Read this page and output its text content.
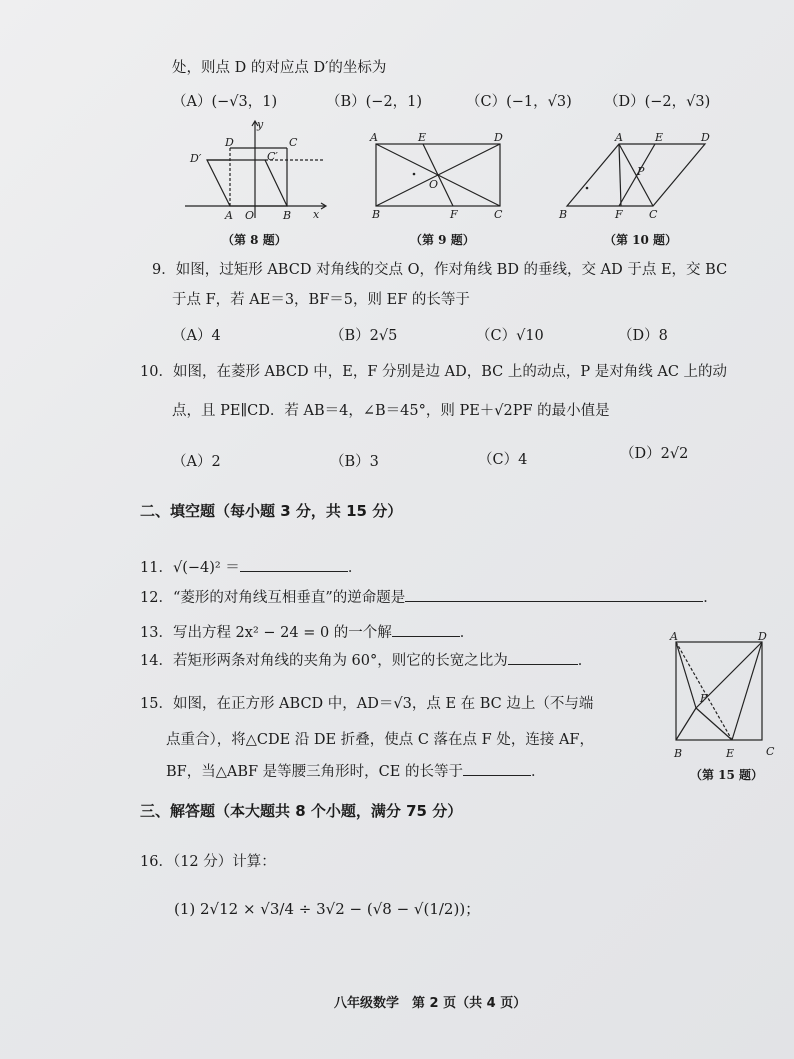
处，则点 D 的对应点 D′的坐标为
（A）(−√3，1)	（B）(−2，1)	（C）(−1，√3) （D）(−2，√3)
y
D	C
D′	C′
A O	B x
（第 8 题）
A	E	D
O
B	F	C
（第 9 题）
A	E	D
P
B	F C
（第 10 题）
9．如图，过矩形 ABCD 对角线的交点 O，作对角线 BD 的垂线，交 AD 于点 E，交 BC
于点 F，若 AE＝3，BF＝5，则 EF 的长等于
（A）4	（B）2√5	（C）√10	（D）8
10．如图，在菱形 ABCD 中，E，F 分别是边 AD，BC 上的动点，P 是对角线 AC 上的动
点，且 PE∥CD．若 AB＝4，∠B＝45°，则 PE＋√2PF 的最小值是
（A）2	（B）3	（C）4	（D）2√2
二、填空题（每小题 3 分，共 15 分）
11．√(−4)² ＝	．
12．“菱形的对角线互相垂直”的逆命题是	．
13．写出方程 2x² − 24 = 0 的一个解	．
14．若矩形两条对角线的夹角为 60°，则它的长宽之比为	．
15．如图，在正方形 ABCD 中，AD＝√3，点 E 在 BC 边上（不与端
点重合），将△CDE 沿 DE 折叠，使点 C 落在点 F 处，连接 AF，
BF，当△ABF 是等腰三角形时，CE 的长等于	．
A	D
F
B	E	C
（第 15 题）
三、解答题（本大题共 8 个小题，满分 75 分）
16．（12 分）计算：
(1) 2√12 × √3/4 ÷ 3√2 − (√8 − √(1/2))；
八年级数学　第 2 页（共 4 页）
